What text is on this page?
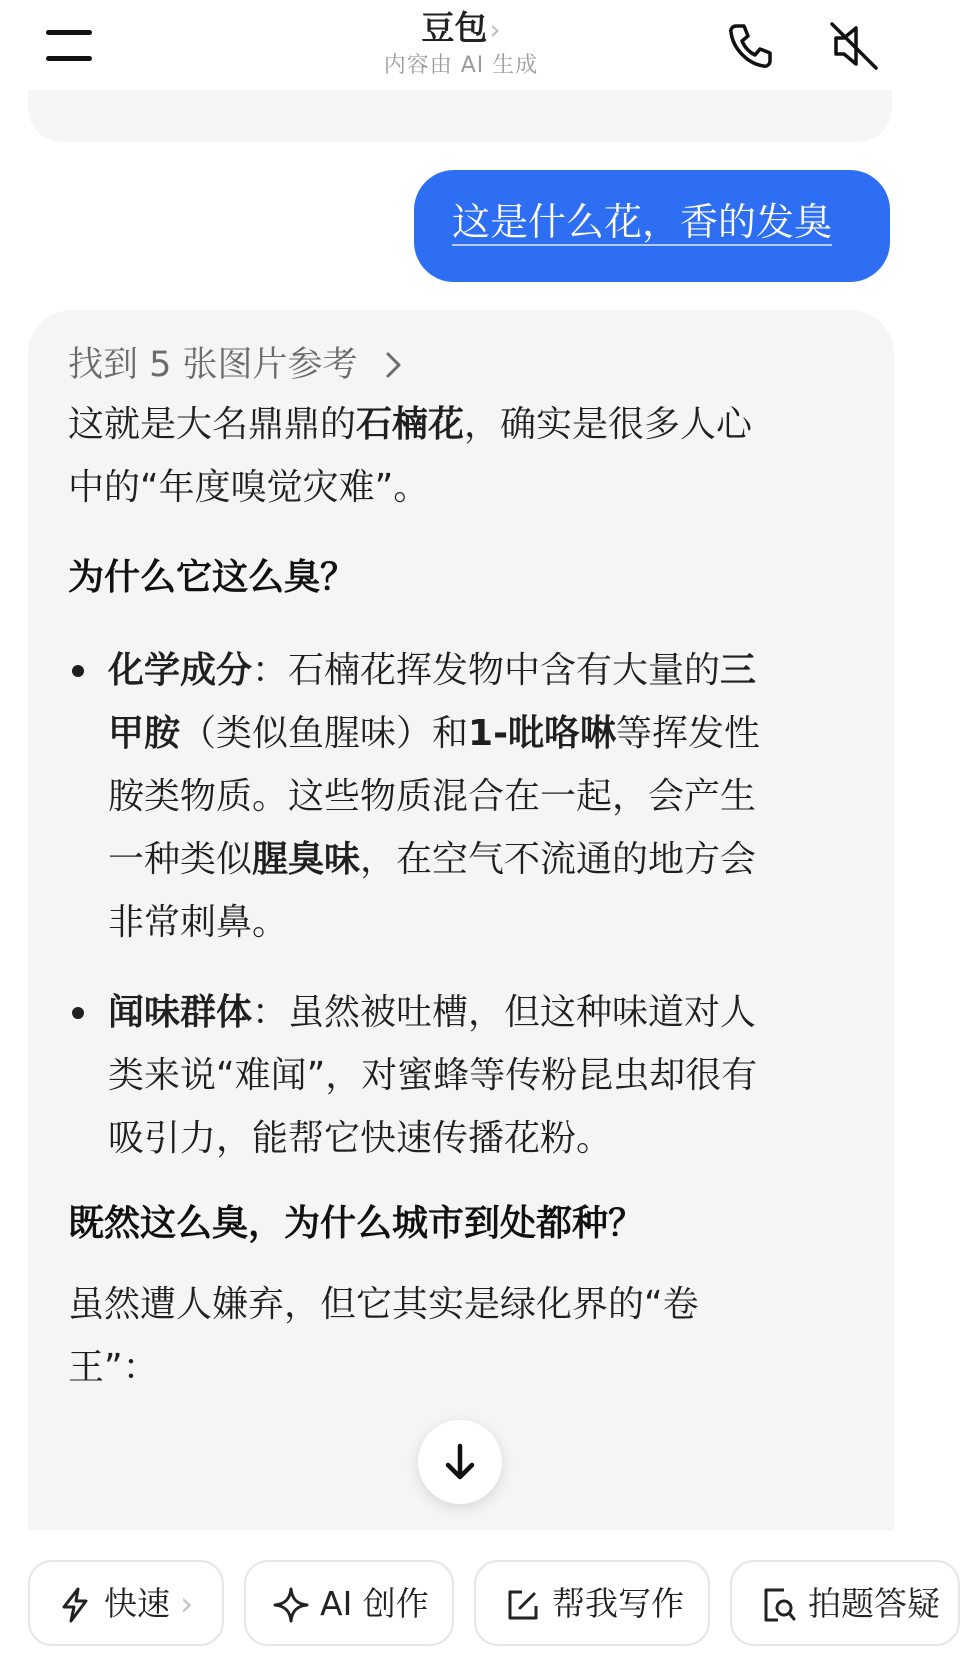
豆包›
内容由 AI 生成
这是什么花，香的发臭
找到 5 张图片参考
这就是大名鼎鼎的石楠花，确实是很多人心
中的“年度嗅觉灾难”。
为什么它这么臭？
化学成分：石楠花挥发物中含有大量的三
甲胺（类似鱼腥味）和1-吡咯啉等挥发性
胺类物质。这些物质混合在一起，会产生
一种类似腥臭味，在空气不流通的地方会
非常刺鼻。
闻味群体：虽然被吐槽，但这种味道对人
类来说“难闻”，对蜜蜂等传粉昆虫却很有
吸引力，能帮它快速传播花粉。
既然这么臭，为什么城市到处都种？
虽然遭人嫌弃，但它其实是绿化界的“卷
王”：
快速 ›	AI 创作	帮我写作	拍题答疑
